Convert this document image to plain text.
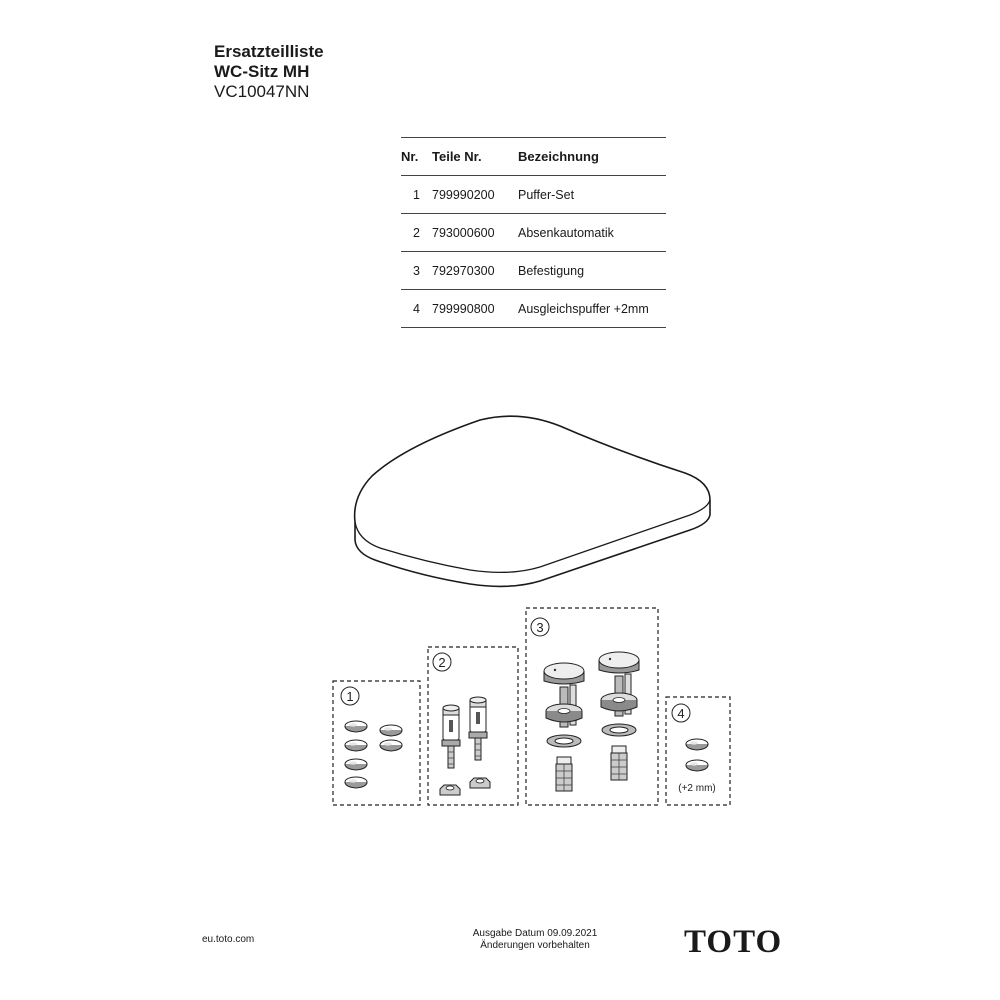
Ersatzteilliste
WC-Sitz MH
VC10047NN
Nr.	Teile Nr.	Bezeichnung
1	799990200	Puffer-Set
2	793000600	Absenkautomatik
3	792970300	Befestigung
4	799990800	Ausgleichspuffer +2mm
1
2
3
4
(+2 mm)
eu.toto.com
Ausgabe Datum 09.09.2021
Änderungen vorbehalten	TOTO
